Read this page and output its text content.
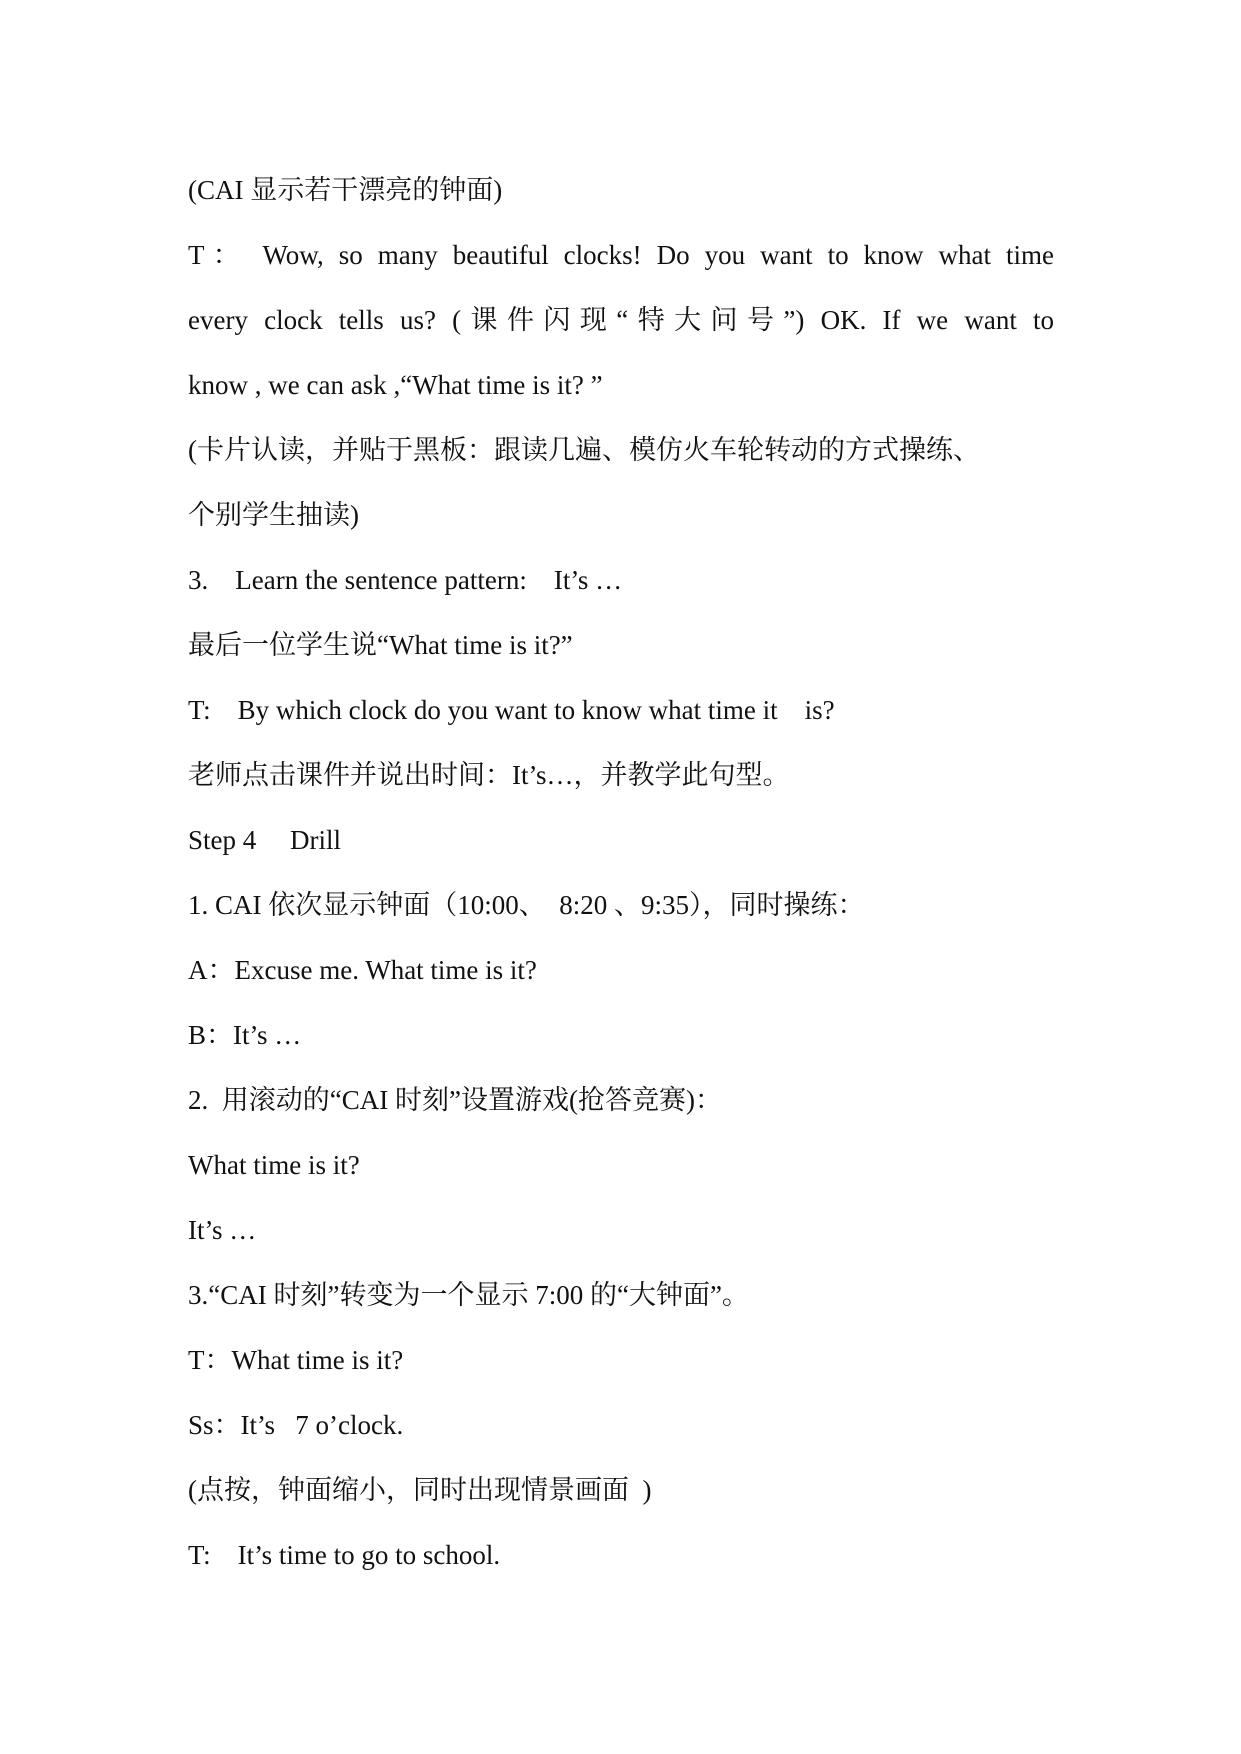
(CAI 显示若干漂亮的钟面)

T： Wow, so many beautiful clocks! Do you want to know what time

every clock tells us? (课件闪现“特大问号”) OK. If we want to

know , we can ask ,“What time is it? ”

(卡片认读，并贴于黑板：跟读几遍、模仿火车轮转动的方式操练、

个别学生抽读)

3.    Learn the sentence pattern:    It’s …

最后一位学生说“What time is it?”

T:    By which clock do you want to know what time it    is?

老师点击课件并说出时间：It’s…，并教学此句型。

Step 4     Drill

1. CAI 依次显示钟面（10:00、  8:20 、9:35），同时操练：

A：Excuse me. What time is it?

B：It’s …

2.  用滚动的“CAI 时刻”设置游戏(抢答竞赛)：

What time is it?

It’s …

3.“CAI 时刻”转变为一个显示 7:00 的“大钟面”。

T：What time is it?

Ss：It’s   7 o’clock.

(点按，钟面缩小，同时出现情景画面  )

T:    It’s time to go to school.
